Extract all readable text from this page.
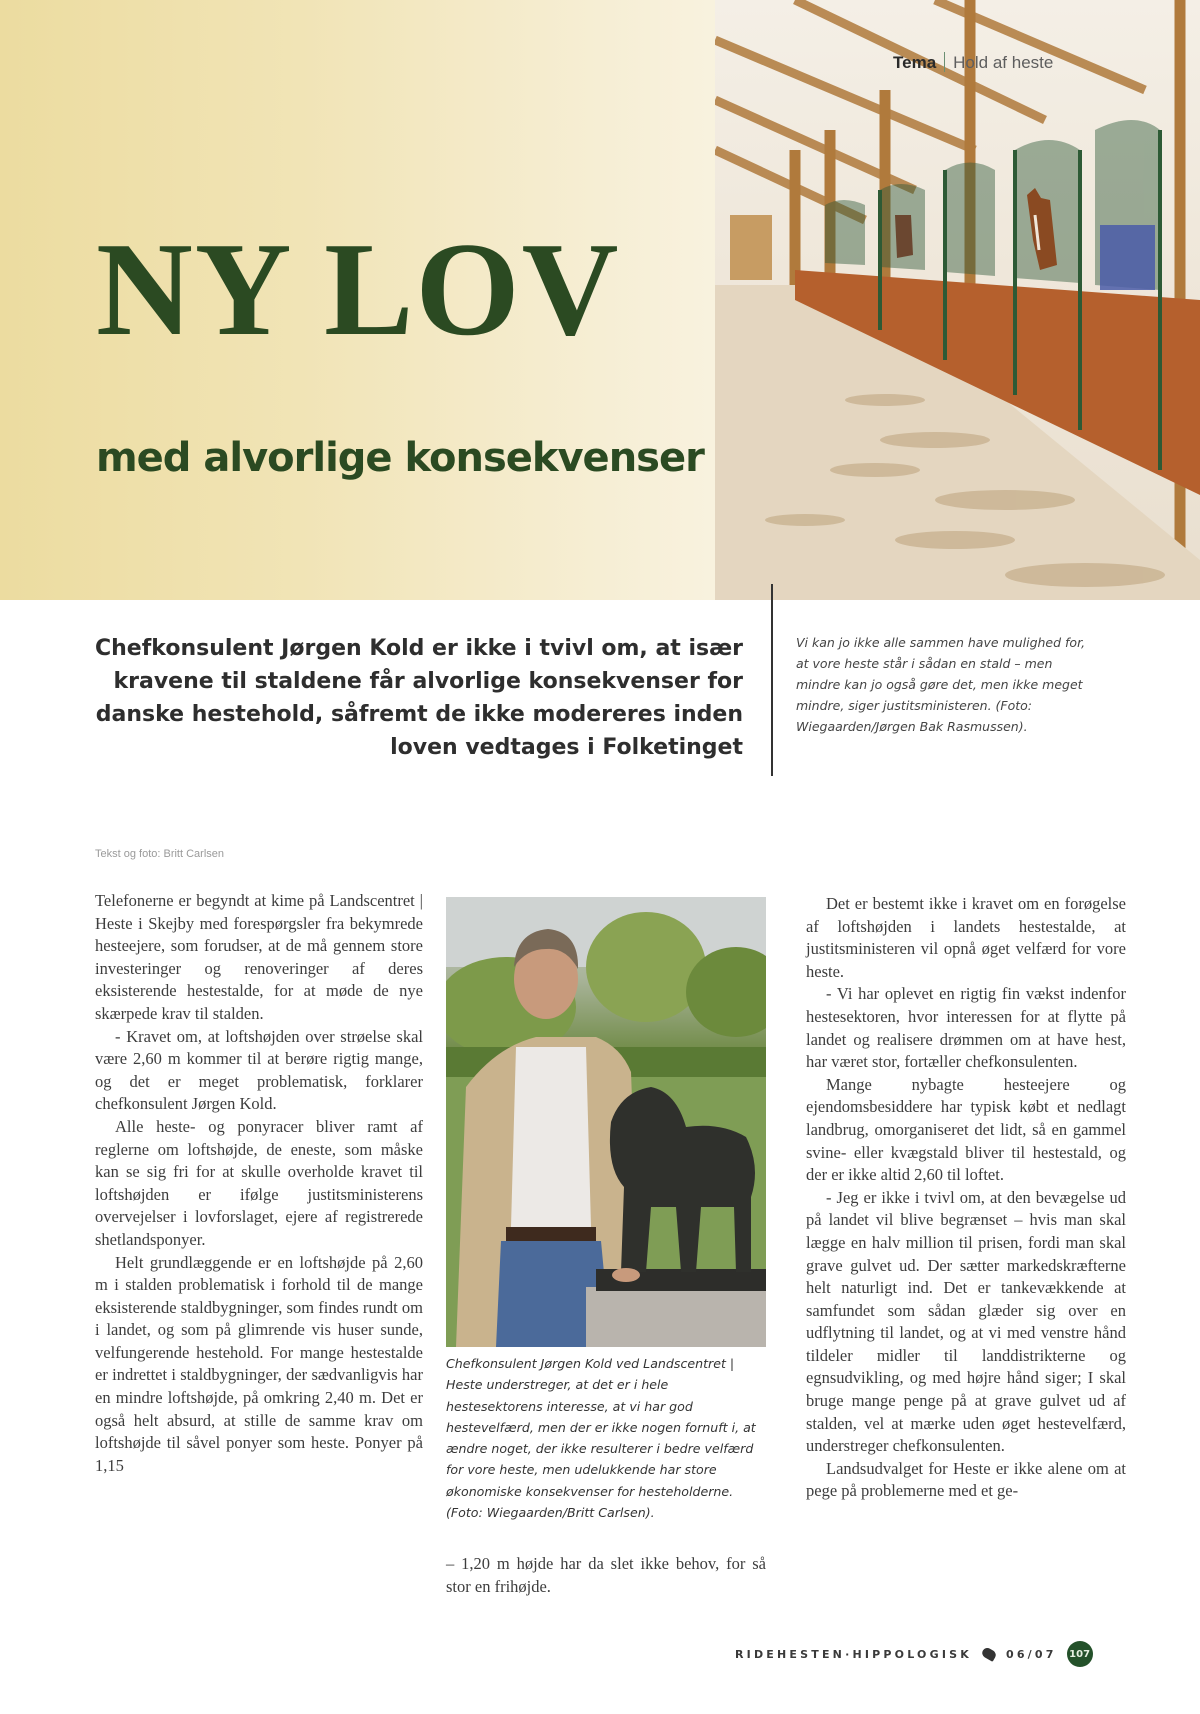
Tema Hold af heste
NY LOV
med alvorlige konsekvenser

Chefkonsulent Jørgen Kold er ikke i tvivl om, at især kravene til staldene får alvorlige konsekvenser for danske hestehold, såfremt de ikke modereres inden loven vedtages i Folketinget

Vi kan jo ikke alle sammen have mulighed for, at vore heste står i sådan en stald – men mindre kan jo også gøre det, men ikke meget mindre, siger justitsministeren. (Foto: Wiegaarden/Jørgen Bak Rasmussen).

Tekst og foto: Britt Carlsen

Telefonerne er begyndt at kime på Landscentret | Heste i Skejby med forespørgsler fra bekymrede hesteejere, som forudser, at de må gennem store investeringer og renoveringer af deres eksisterende hestestalde, for at møde de nye skærpede krav til stalden.

- Kravet om, at loftshøjden over strøelse skal være 2,60 m kommer til at berøre rigtig mange, og det er meget problematisk, forklarer chefkonsulent Jørgen Kold.

Alle heste- og ponyracer bliver ramt af reglerne om loftshøjde, de eneste, som måske kan se sig fri for at skulle overholde kravet til loftshøjden er ifølge justitsministerens overvejelser i lovforslaget, ejere af registrerede shetlandsponyer.

Helt grundlæggende er en loftshøjde på 2,60 m i stalden problematisk i forhold til de mange eksisterende staldbygninger, som findes rundt om i landet, og som på glimrende vis huser sunde, velfungerende hestehold. For mange hestestalde er indrettet i staldbygninger, der sædvanligvis har en mindre loftshøjde, på omkring 2,40 m. Det er også helt absurd, at stille de samme krav om loftshøjde til såvel ponyer som heste. Ponyer på 1,15

Chefkonsulent Jørgen Kold ved Landscentret | Heste understreger, at det er i hele hestesektorens interesse, at vi har god hestevelfærd, men der er ikke nogen fornuft i, at ændre noget, der ikke resulterer i bedre velfærd for vore heste, men udelukkende har store økonomiske konsekvenser for hesteholderne. (Foto: Wiegaarden/Britt Carlsen).

– 1,20 m højde har da slet ikke behov, for så stor en frihøjde.

Det er bestemt ikke i kravet om en forøgelse af loftshøjden i landets hestestalde, at justitsministeren vil opnå øget velfærd for vore heste.

- Vi har oplevet en rigtig fin vækst indenfor hestesektoren, hvor interessen for at flytte på landet og realisere drømmen om at have hest, har været stor, fortæller chefkonsulenten.

Mange nybagte hesteejere og ejendomsbesiddere har typisk købt et nedlagt landbrug, omorganiseret det lidt, så en gammel svine- eller kvægstald bliver til hestestald, og der er ikke altid 2,60 til loftet.

- Jeg er ikke i tvivl om, at den bevægelse ud på landet vil blive begrænset – hvis man skal lægge en halv million til prisen, fordi man skal grave gulvet ud. Der sætter markedskræfterne helt naturligt ind. Det er tankevækkende at samfundet som sådan glæder sig over en udflytning til landet, og at vi med venstre hånd tildeler midler til landdistrikterne og egnsudvikling, og med højre hånd siger; I skal bruge mange penge på at grave gulvet ud af stalden, vel at mærke uden øget hestevelfærd, understreger chefkonsulenten.

Landsudvalget for Heste er ikke alene om at pege på problemerne med et ge-

RIDEHESTEN·HIPPOLOGISK	06/07 107
